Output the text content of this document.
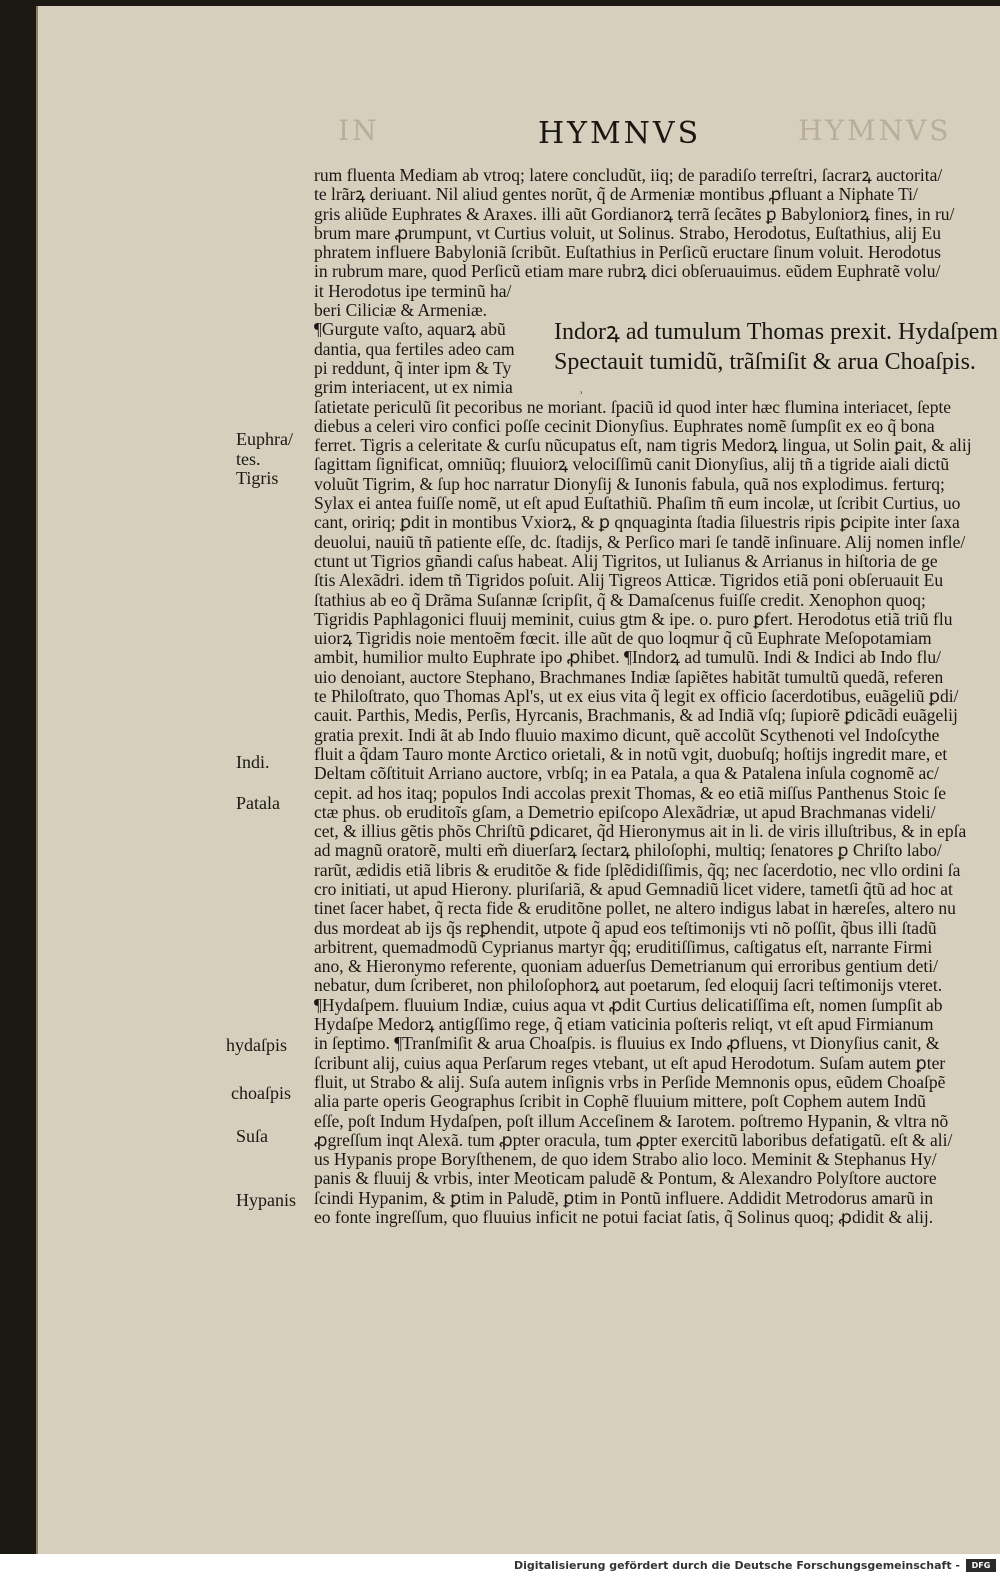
IN	HYMNVS
HYMNVS
Indorꝝ ad tumulum Thomas prexit. Hydaſpem
Spectauit tumidũ, trãſmiſit & arua Choaſpis.
⸒
rum fluenta Mediam ab vtroq; latere concludũt, iiq; de paradiſo terreſtri, ſacrarꝝ auctorita/
te lrãrꝝ deriuant. Nil aliud gentes norũt, q̃ de Armeniæ montibus ꝓfluant a Niphate Ti/
gris aliũde Euphrates & Araxes. illi aũt Gordianorꝝ terrã ſecãtes ꝑ Babyloniorꝝ fines, in ru/
brum mare ꝓrumpunt, vt Curtius voluit, ut Solinus. Strabo, Herodotus, Euſtathius, alij Eu
phratem influere Babyloniã ſcribũt. Euſtathius in Perſicũ eructare ſinum voluit. Herodotus
in rubrum mare, quod Perſicũ etiam mare rubrꝝ dici obſeruauimus. eũdem Euphratẽ volu/
it Herodotus ipe terminũ ha/
beri Ciliciæ & Armeniæ.
¶Gurgute vaſto, aquarꝝ abũ
dantia, qua fertiles adeo cam
pi reddunt, q̃ inter ipm & Ty
grim interiacent, ut ex nimia
ſatietate periculũ ſit pecoribus ne moriant. ſpaciũ id quod inter hæc flumina interiacet, ſepte
diebus a celeri viro confici poſſe cecinit Dionyſius. Euphrates nomẽ ſumpſit ex eo q̃ bona
ferret. Tigris a celeritate & curſu nũcupatus eſt, nam tigris Medorꝝ lingua, ut Solin ꝑait, & alij
ſagittam ſignificat, omniũq; fluuiorꝝ velociſſimũ canit Dionyſius, alij tñ a tigride aiali dictũ
voluũt Tigrim, & ſup hoc narratur Dionyſij & Iunonis fabula, quã nos explodimus. ferturq;
Sylax ei antea fuiſſe nomẽ, ut eſt apud Euſtathiũ. Phaſim tñ eum incolæ, ut ſcribit Curtius, uo
cant, oririq; ꝑdit in montibus Vxiorꝝ, & ꝑ qnquaginta ſtadia ſiluestris ripis ꝑcipite inter ſaxa
deuolui, nauiũ tñ patiente eſſe, dc. ſtadijs, & Perſico mari ſe tandẽ inſinuare. Alij nomen infle/
ctunt ut Tigrios gñandi caſus habeat. Alij Tigritos, ut Iulianus & Arrianus in hiſtoria de ge
ſtis Alexãdri. idem tñ Tigridos poſuit. Alij Tigreos Atticæ. Tigridos etiã poni obſeruauit Eu
ſtathius ab eo q̃ Drãma Suſannæ ſcripſit, q̃ & Damaſcenus fuiſſe credit. Xenophon quoq;
Tigridis Paphlagonici fluuij meminit, cuius gtm & ipe. o. puro ꝑfert. Herodotus etiã triũ flu
uiorꝝ Tigridis noie mentoẽm fœcit. ille aũt de quo loqmur q̃ cũ Euphrate Meſopotamiam
ambit, humilior multo Euphrate ipo ꝓhibet. ¶Indorꝝ ad tumulũ. Indi & Indici ab Indo flu/
uio denoiant, auctore Stephano, Brachmanes Indiæ ſapiẽtes habitãt tumultũ quedã, referen
te Philoſtrato, quo Thomas Apl's, ut ex eius vita q̃ legit ex officio ſacerdotibus, euãgeliũ ꝑdi/
cauit. Parthis, Medis, Perſis, Hyrcanis, Brachmanis, & ad Indiã vſq; ſupiorẽ ꝑdicãdi euãgelij
gratia prexit. Indi ãt ab Indo fluuio maximo dicunt, quẽ accolũt Scythenoti vel Indoſcythe
fluit a q̃dam Tauro monte Arctico orietali, & in notũ vgit, duobuſq; hoſtijs ingredit mare, et
Deltam cõſtituit Arriano auctore, vrbſq; in ea Patala, a qua & Patalena inſula cognomẽ ac/
cepit. ad hos itaq; populos Indi accolas prexit Thomas, & eo etiã miſſus Panthenus Stoic ſe
ctæ phus. ob eruditoĩs gſam, a Demetrio epiſcopo Alexãdriæ, ut apud Brachmanas videli/
cet, & illius gẽtis phõs Chriſtũ ꝑdicaret, q̃d Hieronymus ait in li. de viris illuſtribus, & in epſa
ad magnũ oratorẽ, multi em̃ diuerſarꝝ ſectarꝝ philoſophi, multiq; ſenatores ꝑ Chriſto labo/
rarũt, ædidis etiã libris & eruditõe & fide ſplẽdidiſſimis, q̃q; nec ſacerdotio, nec vllo ordini ſa
cro initiati, ut apud Hierony. pluriſariã, & apud Gemnadiũ licet videre, tametſi q̃tũ ad hoc at
tinet ſacer habet, q̃ recta fide & eruditõne pollet, ne altero indigus labat in hæreſes, altero nu
dus mordeat ab ijs q̃s reꝑhendit, utpote q̃ apud eos teſtimonijs vti nõ poſſit, q̃bus illi ſtadũ
arbitrent, quemadmodũ Cyprianus martyr q̃q; eruditiſſimus, caſtigatus eſt, narrante Firmi
ano, & Hieronymo referente, quoniam aduerſus Demetrianum qui erroribus gentium deti/
nebatur, dum ſcriberet, non philoſophorꝝ aut poetarum, ſed eloquij ſacri teſtimonijs vteret.
¶Hydaſpem. fluuium Indiæ, cuius aqua vt ꝓdit Curtius delicatiſſima eſt, nomen ſumpſit ab
Hydaſpe Medorꝝ antigſſimo rege, q̃ etiam vaticinia poſteris reliqt, vt eſt apud Firmianum
in ſeptimo. ¶Tranſmiſit & arua Choaſpis. is fluuius ex Indo ꝓfluens, vt Dionyſius canit, &
ſcribunt alij, cuius aqua Perſarum reges vtebant, ut eſt apud Herodotum. Suſam autem ꝑter
fluit, ut Strabo & alij. Suſa autem inſignis vrbs in Perſide Memnonis opus, eũdem Choaſpẽ
alia parte operis Geographus ſcribit in Cophẽ fluuium mittere, poſt Cophem autem Indũ
eſſe, poſt Indum Hydaſpen, poſt illum Acceſinem & Iarotem. poſtremo Hypanin, & vltra nõ
ꝓgreſſum inqt Alexã. tum ꝓpter oracula, tum ꝓpter exercitũ laboribus defatigatũ. eſt & ali/
us Hypanis prope Boryſthenem, de quo idem Strabo alio loco. Meminit & Stephanus Hy/
panis & fluuij & vrbis, inter Meoticam paludẽ & Pontum, & Alexandro Polyſtore auctore
ſcindi Hypanim, & ꝑtim in Paludẽ, ꝑtim in Pontũ influere. Addidit Metrodorus amarũ in
eo fonte ingreſſum, quo fluuius inficit ne potui faciat ſatis, q̃ Solinus quoq; ꝓdidit & alij.
Euphra/ tes.
Tigris
Indi.
Patala
hydaſpis
choaſpis
Suſa
Hypanis
Digitalisierung gefördert durch die Deutsche Forschungsgemeinschaft -	DFG
